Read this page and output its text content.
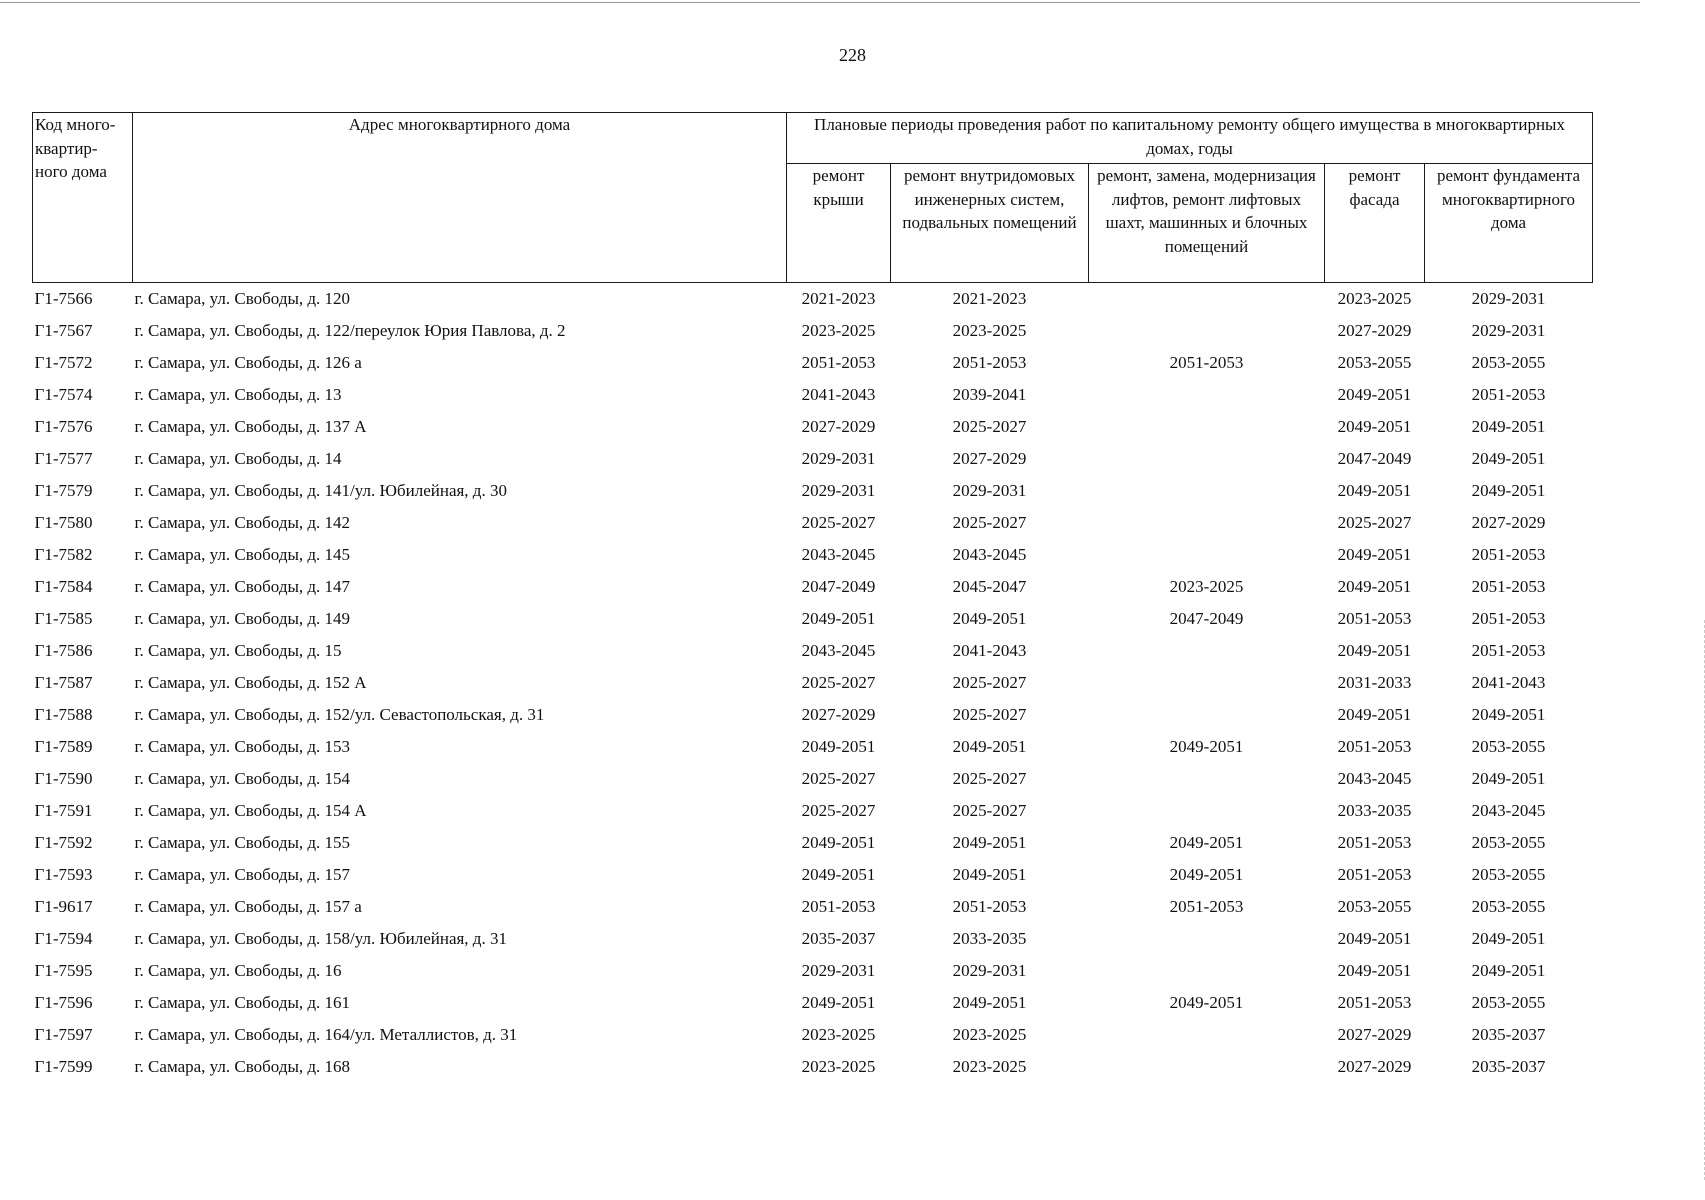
228
Код много-квартир-ного дома	Адрес многоквартирного дома	Плановые периоды проведения работ по капитальному ремонту общего имущества в многоквартирных домах, годы				
		ремонт крыши	ремонт внутридомовых инженерных систем, подвальных помещений	ремонт, замена, модернизация лифтов, ремонт лифтовых шахт, машинных и блочных помещений	ремонт фасада	ремонт фундамента многоквартирного дома
Г1-7566	г. Самара, ул. Свободы, д. 120	2021-2023	2021-2023		2023-2025	2029-2031
Г1-7567	г. Самара, ул. Свободы, д. 122/переулок Юрия Павлова, д. 2	2023-2025	2023-2025		2027-2029	2029-2031
Г1-7572	г. Самара, ул. Свободы, д. 126 а	2051-2053	2051-2053	2051-2053	2053-2055	2053-2055
Г1-7574	г. Самара, ул. Свободы, д. 13	2041-2043	2039-2041		2049-2051	2051-2053
Г1-7576	г. Самара, ул. Свободы, д. 137 А	2027-2029	2025-2027		2049-2051	2049-2051
Г1-7577	г. Самара, ул. Свободы, д. 14	2029-2031	2027-2029		2047-2049	2049-2051
Г1-7579	г. Самара, ул. Свободы, д. 141/ул. Юбилейная, д. 30	2029-2031	2029-2031		2049-2051	2049-2051
Г1-7580	г. Самара, ул. Свободы, д. 142	2025-2027	2025-2027		2025-2027	2027-2029
Г1-7582	г. Самара, ул. Свободы, д. 145	2043-2045	2043-2045		2049-2051	2051-2053
Г1-7584	г. Самара, ул. Свободы, д. 147	2047-2049	2045-2047	2023-2025	2049-2051	2051-2053
Г1-7585	г. Самара, ул. Свободы, д. 149	2049-2051	2049-2051	2047-2049	2051-2053	2051-2053
Г1-7586	г. Самара, ул. Свободы, д. 15	2043-2045	2041-2043		2049-2051	2051-2053
Г1-7587	г. Самара, ул. Свободы, д. 152 А	2025-2027	2025-2027		2031-2033	2041-2043
Г1-7588	г. Самара, ул. Свободы, д. 152/ул. Севастопольская, д. 31	2027-2029	2025-2027		2049-2051	2049-2051
Г1-7589	г. Самара, ул. Свободы, д. 153	2049-2051	2049-2051	2049-2051	2051-2053	2053-2055
Г1-7590	г. Самара, ул. Свободы, д. 154	2025-2027	2025-2027		2043-2045	2049-2051
Г1-7591	г. Самара, ул. Свободы, д. 154 А	2025-2027	2025-2027		2033-2035	2043-2045
Г1-7592	г. Самара, ул. Свободы, д. 155	2049-2051	2049-2051	2049-2051	2051-2053	2053-2055
Г1-7593	г. Самара, ул. Свободы, д. 157	2049-2051	2049-2051	2049-2051	2051-2053	2053-2055
Г1-9617	г. Самара, ул. Свободы, д. 157 а	2051-2053	2051-2053	2051-2053	2053-2055	2053-2055
Г1-7594	г. Самара, ул. Свободы, д. 158/ул. Юбилейная, д. 31	2035-2037	2033-2035		2049-2051	2049-2051
Г1-7595	г. Самара, ул. Свободы, д. 16	2029-2031	2029-2031		2049-2051	2049-2051
Г1-7596	г. Самара, ул. Свободы, д. 161	2049-2051	2049-2051	2049-2051	2051-2053	2053-2055
Г1-7597	г. Самара, ул. Свободы, д. 164/ул. Металлистов, д. 31	2023-2025	2023-2025		2027-2029	2035-2037
Г1-7599	г. Самара, ул. Свободы, д. 168	2023-2025	2023-2025		2027-2029	2035-2037
